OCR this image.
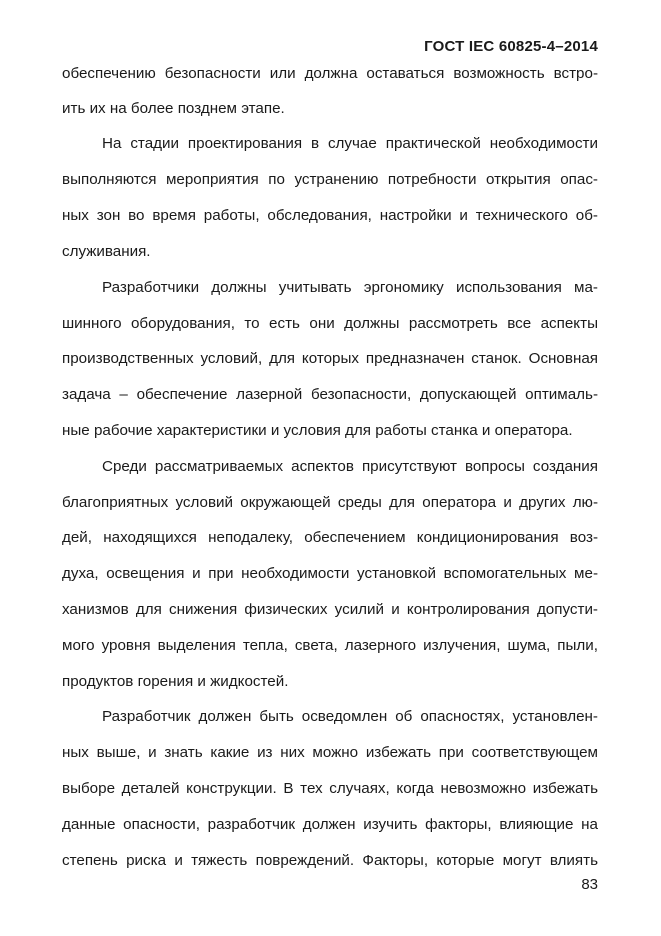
ГОСТ IEC 60825-4–2014
обеспечению безопасности или должна оставаться возможность встро-
ить их на более позднем этапе.
На стадии проектирования в случае практической необходимости
выполняются мероприятия по устранению потребности открытия опас-
ных зон во время работы, обследования, настройки и технического об-
служивания.
Разработчики должны учитывать эргономику использования ма-
шинного оборудования, то есть они должны рассмотреть все аспекты
производственных условий, для которых предназначен станок. Основная
задача – обеспечение лазерной безопасности, допускающей оптималь-
ные рабочие характеристики и условия для работы станка и оператора.
Среди рассматриваемых аспектов присутствуют вопросы создания
благоприятных условий окружающей среды для оператора и других лю-
дей, находящихся неподалеку, обеспечением кондиционирования воз-
духа, освещения и при необходимости установкой вспомогательных ме-
ханизмов для снижения физических усилий и контролирования допусти-
мого уровня выделения тепла, света, лазерного излучения, шума, пыли,
продуктов горения и жидкостей.
Разработчик должен быть осведомлен об опасностях, установлен-
ных выше, и знать какие из них можно избежать при соответствующем
выборе деталей конструкции. В тех случаях, когда невозможно избежать
данные опасности, разработчик должен изучить факторы, влияющие на
степень риска и тяжесть повреждений. Факторы, которые могут влиять
83
